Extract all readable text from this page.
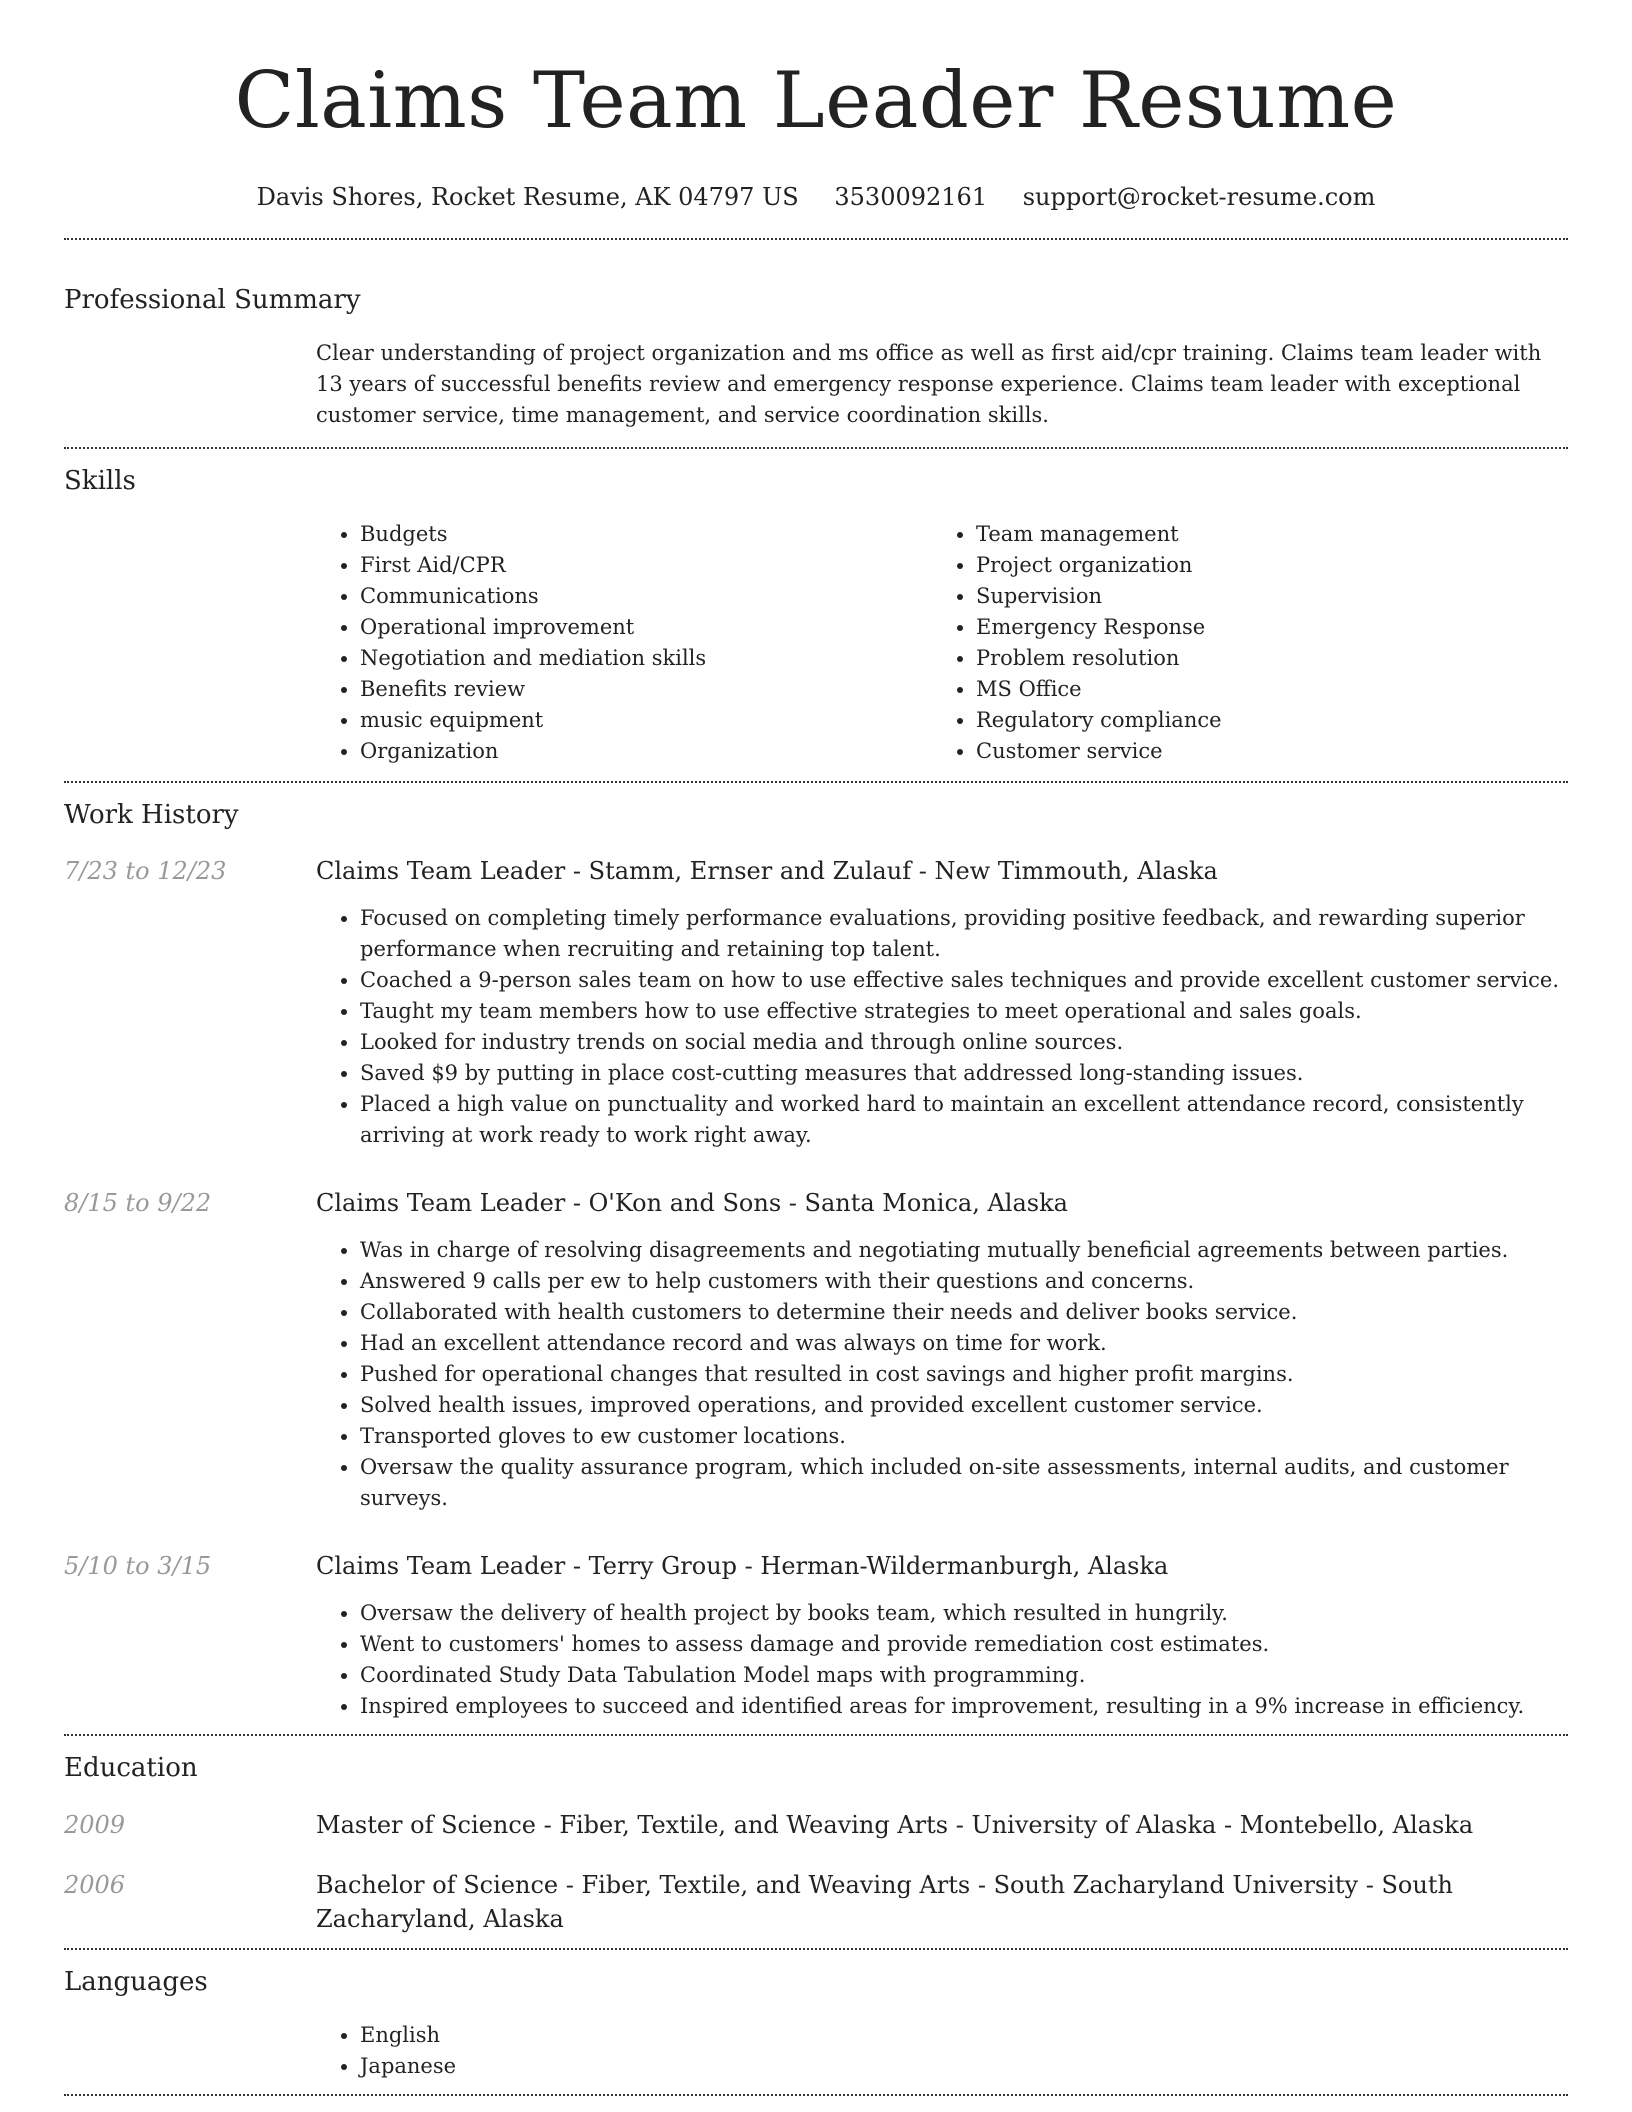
Claims Team Leader Resume
Davis Shores, Rocket Resume, AK 04797 US 3530092161 support@rocket-resume.com
Professional Summary
Clear understanding of project organization and ms office as well as first aid/cpr training. Claims team leader with 13 years of successful benefits review and emergency response experience. Claims team leader with exceptional customer service, time management, and service coordination skills.
Skills
• Budgets
• First Aid/CPR
• Communications
• Operational improvement
• Negotiation and mediation skills
• Benefits review
• music equipment
• Organization
• Team management
• Project organization
• Supervision
• Emergency Response
• Problem resolution
• MS Office
• Regulatory compliance
• Customer service
Work History
7/23 to 12/23	Claims Team Leader - Stamm, Ernser and Zulauf - New Timmouth, Alaska
• Focused on completing timely performance evaluations, providing positive feedback, and rewarding superior performance when recruiting and retaining top talent.
• Coached a 9-person sales team on how to use effective sales techniques and provide excellent customer service.
• Taught my team members how to use effective strategies to meet operational and sales goals.
• Looked for industry trends on social media and through online sources.
• Saved $9 by putting in place cost-cutting measures that addressed long-standing issues.
• Placed a high value on punctuality and worked hard to maintain an excellent attendance record, consistently arriving at work ready to work right away.
8/15 to 9/22	Claims Team Leader - O'Kon and Sons - Santa Monica, Alaska
• Was in charge of resolving disagreements and negotiating mutually beneficial agreements between parties.
• Answered 9 calls per ew to help customers with their questions and concerns.
• Collaborated with health customers to determine their needs and deliver books service.
• Had an excellent attendance record and was always on time for work.
• Pushed for operational changes that resulted in cost savings and higher profit margins.
• Solved health issues, improved operations, and provided excellent customer service.
• Transported gloves to ew customer locations.
• Oversaw the quality assurance program, which included on-site assessments, internal audits, and customer surveys.
5/10 to 3/15	Claims Team Leader - Terry Group - Herman-Wildermanburgh, Alaska
• Oversaw the delivery of health project by books team, which resulted in hungrily.
• Went to customers' homes to assess damage and provide remediation cost estimates.
• Coordinated Study Data Tabulation Model maps with programming.
• Inspired employees to succeed and identified areas for improvement, resulting in a 9% increase in efficiency.
Education
2009	Master of Science - Fiber, Textile, and Weaving Arts - University of Alaska - Montebello, Alaska
2006	Bachelor of Science - Fiber, Textile, and Weaving Arts - South Zacharyland University - South Zacharyland, Alaska
Languages
• English
• Japanese
